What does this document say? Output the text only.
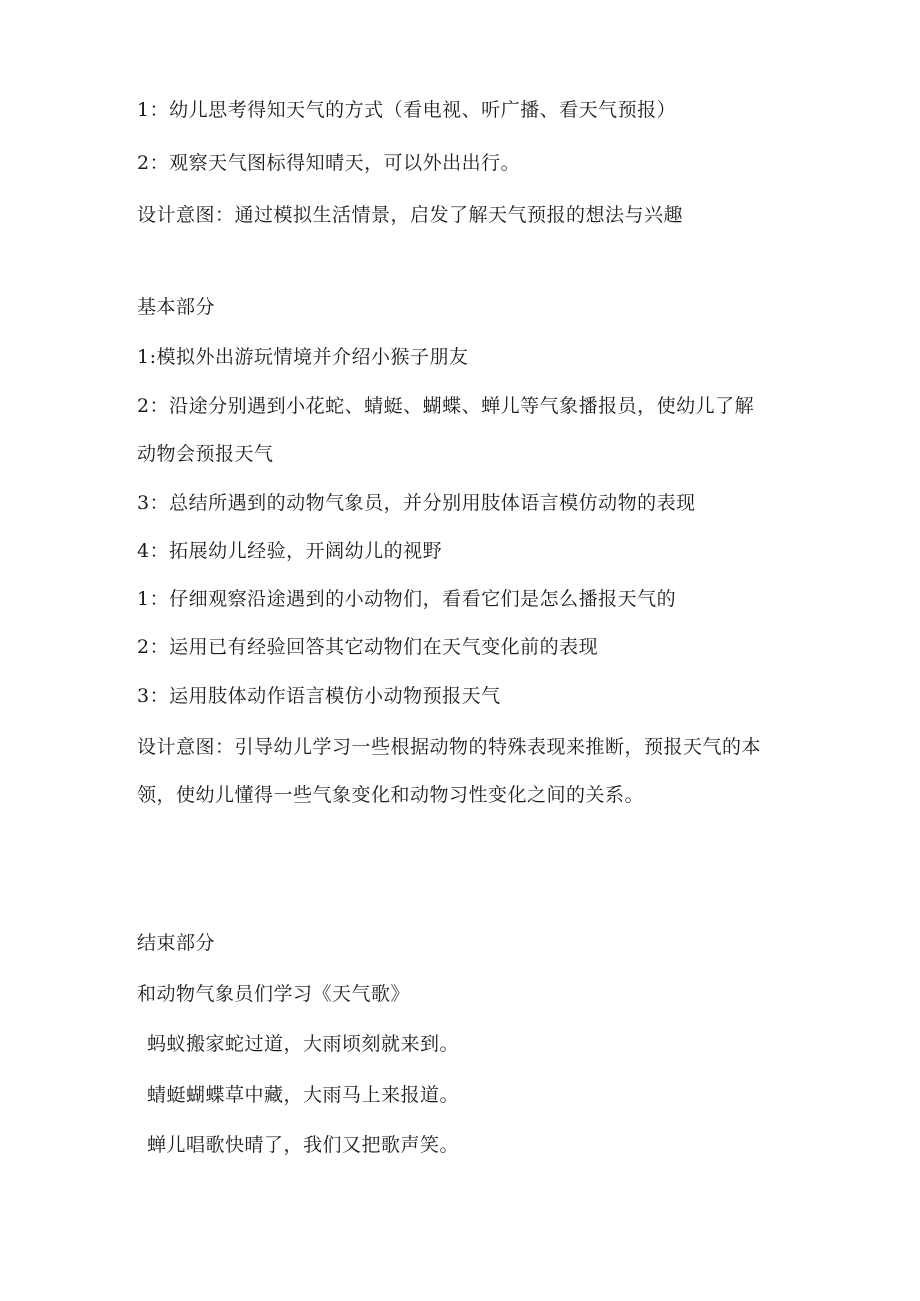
1：幼儿思考得知天气的方式（看电视、听广播、看天气预报）
2：观察天气图标得知晴天，可以外出出行。
设计意图：通过模拟生活情景，启发了解天气预报的想法与兴趣
基本部分
1:模拟外出游玩情境并介绍小猴子朋友
2：沿途分别遇到小花蛇、蜻蜓、蝴蝶、蝉儿等气象播报员，使幼儿了解
动物会预报天气
3：总结所遇到的动物气象员，并分别用肢体语言模仿动物的表现
4：拓展幼儿经验，开阔幼儿的视野
1：仔细观察沿途遇到的小动物们，看看它们是怎么播报天气的
2：运用已有经验回答其它动物们在天气变化前的表现
3：运用肢体动作语言模仿小动物预报天气
设计意图：引导幼儿学习一些根据动物的特殊表现来推断，预报天气的本
领，使幼儿懂得一些气象变化和动物习性变化之间的关系。
结束部分
和动物气象员们学习《天气歌》
蚂蚁搬家蛇过道，大雨顷刻就来到。
蜻蜓蝴蝶草中藏，大雨马上来报道。
蝉儿唱歌快晴了，我们又把歌声笑。
